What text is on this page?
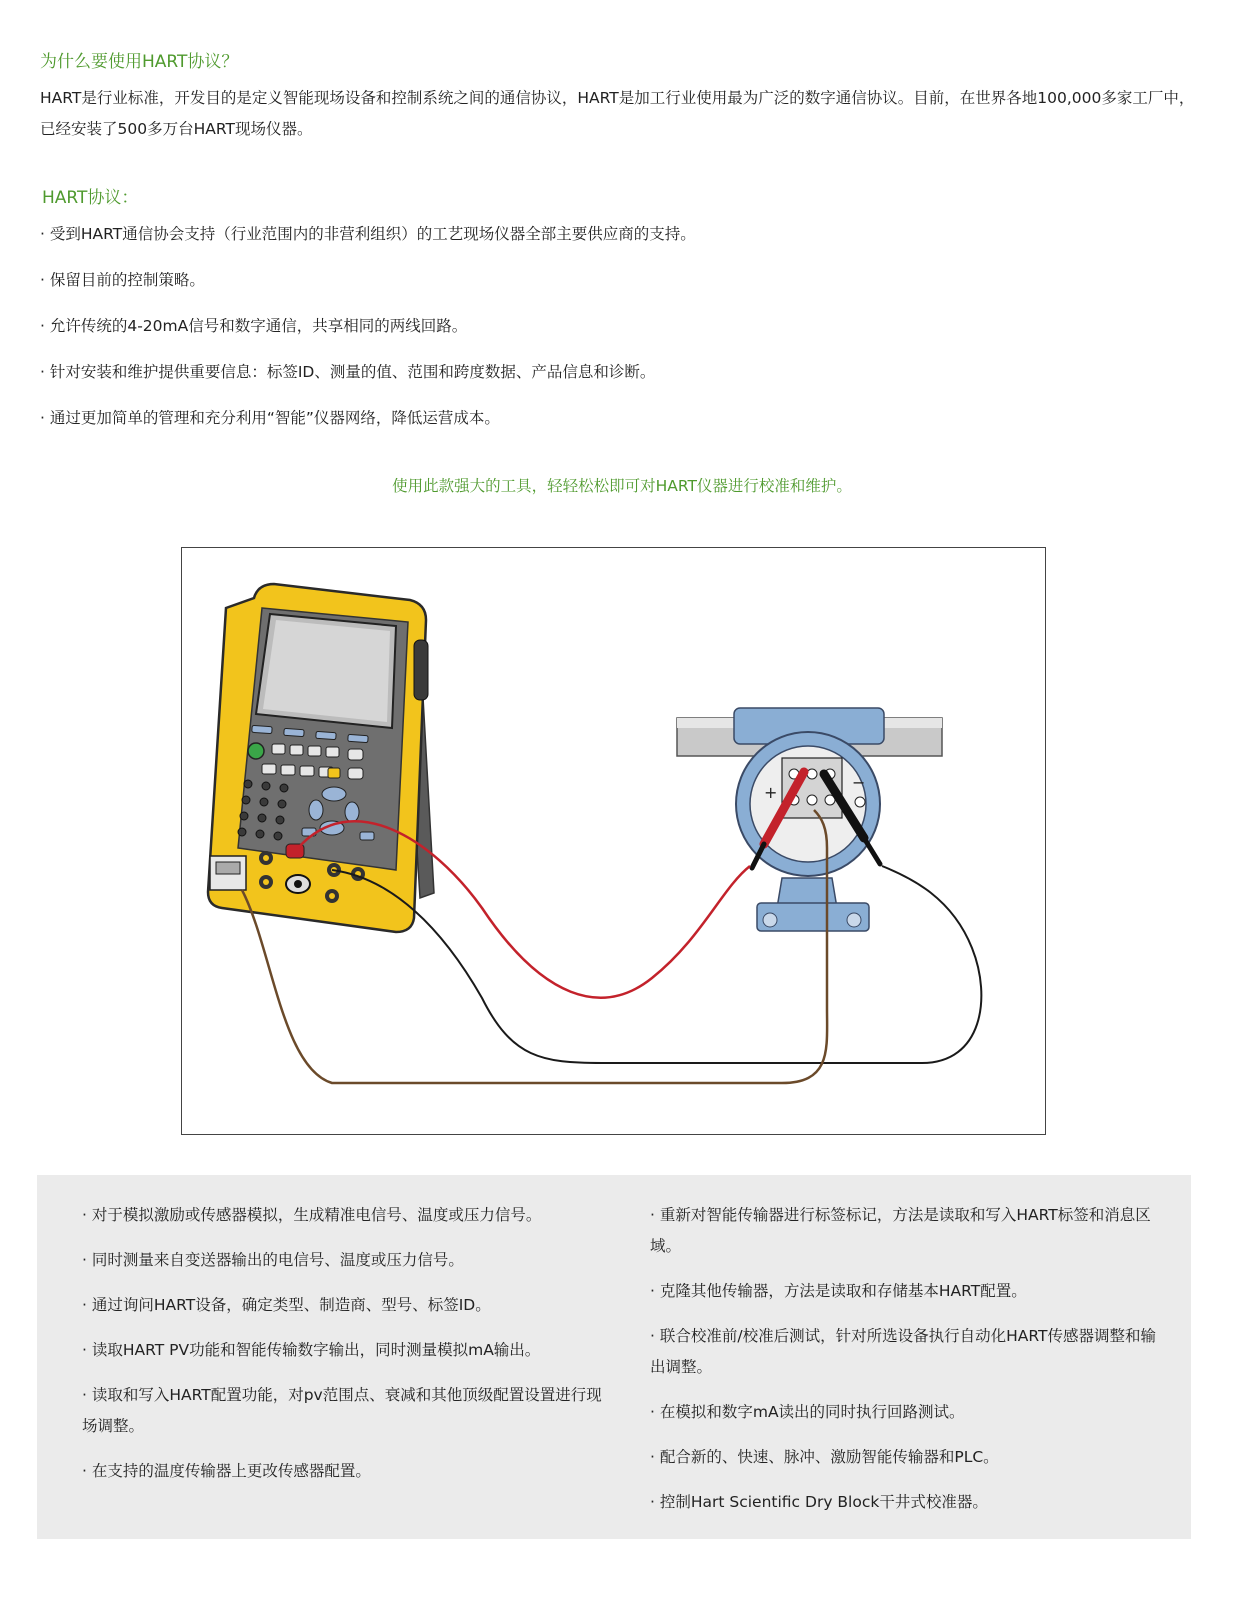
为什么要使用HART协议？
HART是行业标准，开发目的是定义智能现场设备和控制系统之间的通信协议，HART是加工行业使用最为广泛的数字通信协议。目前，在世界各地100,000多家工厂中，已经安装了500多万台HART现场仪器。
HART协议：
· 受到HART通信协会支持（行业范围内的非营利组织）的工艺现场仪器全部主要供应商的支持。
· 保留目前的控制策略。
· 允许传统的4-20mA信号和数字通信，共享相同的两线回路。
· 针对安装和维护提供重要信息：标签ID、测量的值、范围和跨度数据、产品信息和诊断。
· 通过更加简单的管理和充分利用“智能”仪器网络，降低运营成本。
使用此款强大的工具，轻轻松松即可对HART仪器进行校准和维护。
+
−
· 对于模拟激励或传感器模拟，生成精准电信号、温度或压力信号。
· 同时测量来自变送器输出的电信号、温度或压力信号。
· 通过询问HART设备，确定类型、制造商、型号、标签ID。
· 读取HART PV功能和智能传输数字输出，同时测量模拟mA输出。
· 读取和写入HART配置功能，对pv范围点、衰减和其他顶级配置设置进行现场调整。
· 在支持的温度传输器上更改传感器配置。
· 重新对智能传输器进行标签标记，方法是读取和写入HART标签和消息区域。
· 克隆其他传输器，方法是读取和存储基本HART配置。
· 联合校准前/校准后测试，针对所选设备执行自动化HART传感器调整和输出调整。
· 在模拟和数字mA读出的同时执行回路测试。
· 配合新的、快速、脉冲、激励智能传输器和PLC。
· 控制Hart Scientific Dry Block干井式校准器。
